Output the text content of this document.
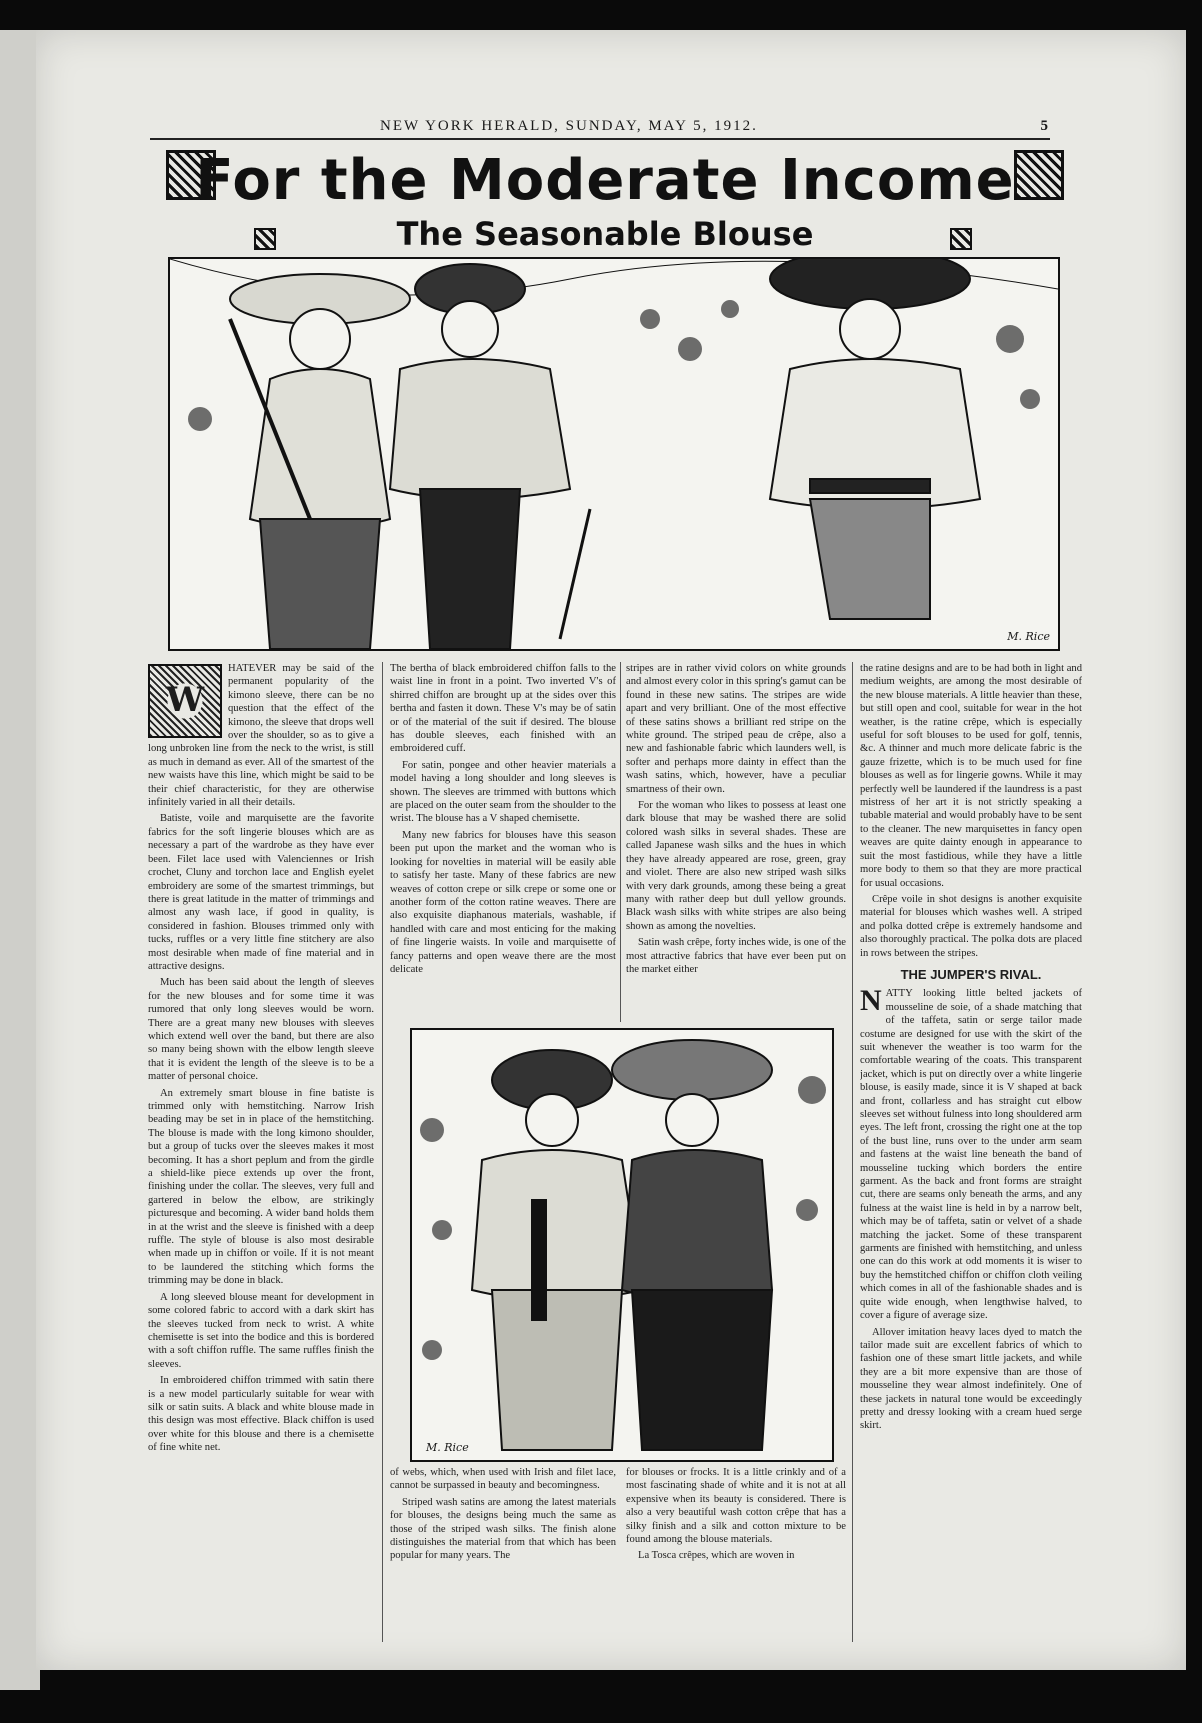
NEW YORK HERALD, SUNDAY, MAY 5, 1912.	5
For the Moderate Income
The Seasonable Blouse
M. Rice

W
HATEVER may be said of the permanent popularity of the kimono sleeve, there can be no question that the effect of the kimono, the sleeve that drops well over the shoulder, so as to give a long unbroken line from the neck to the wrist, is still as much in demand as ever. All of the smartest of the new waists have this line, which might be said to be their chief characteristic, for they are otherwise infinitely varied in all their details.

Batiste, voile and marquisette are the favorite fabrics for the soft lingerie blouses which are as necessary a part of the wardrobe as they have ever been. Filet lace used with Valenciennes or Irish crochet, Cluny and torchon lace and English eyelet embroidery are some of the smartest trimmings, but there is great latitude in the matter of trimmings and almost any wash lace, if good in quality, is considered in fashion. Blouses trimmed only with tucks, ruffles or a very little fine stitchery are also most desirable when made of fine material and in attractive designs.

Much has been said about the length of sleeves for the new blouses and for some time it was rumored that only long sleeves would be worn. There are a great many new blouses with sleeves which extend well over the band, but there are also so many being shown with the elbow length sleeve that it is evident the length of the sleeve is to be a matter of personal choice.

An extremely smart blouse in fine batiste is trimmed only with hemstitching. Narrow Irish beading may be set in in place of the hemstitching. The blouse is made with the long kimono shoulder, but a group of tucks over the sleeves makes it most becoming. It has a short peplum and from the girdle a shield-like piece extends up over the front, finishing under the collar. The sleeves, very full and gartered in below the elbow, are strikingly picturesque and becoming. A wider band holds them in at the wrist and the sleeve is finished with a deep ruffle. The style of blouse is also most desirable when made up in chiffon or voile. If it is not meant to be laundered the stitching which forms the trimming may be done in black.

A long sleeved blouse meant for development in some colored fabric to accord with a dark skirt has the sleeves tucked from neck to wrist. A white chemisette is set into the bodice and this is bordered with a soft chiffon ruffle. The same ruffles finish the sleeves.

In embroidered chiffon trimmed with satin there is a new model particularly suitable for wear with silk or satin suits. A black and white blouse made in this design was most effective. Black chiffon is used over white for this blouse and there is a chemisette of fine white net.

The bertha of black embroidered chiffon falls to the waist line in front in a point. Two inverted V's of shirred chiffon are brought up at the sides over this bertha and fasten it down. These V's may be of satin or of the material of the suit if desired. The blouse has double sleeves, each finished with an embroidered cuff.

For satin, pongee and other heavier materials a model having a long shoulder and long sleeves is shown. The sleeves are trimmed with buttons which are placed on the outer seam from the shoulder to the wrist. The blouse has a V shaped chemisette.

Many new fabrics for blouses have this season been put upon the market and the woman who is looking for novelties in material will be easily able to satisfy her taste. Many of these fabrics are new weaves of cotton crepe or silk crepe or some one or another form of the cotton ratine weaves. There are also exquisite diaphanous materials, washable, if handled with care and most enticing for the making of fine lingerie waists. In voile and marquisette of fancy patterns and open weave there are the most delicate

stripes are in rather vivid colors on white grounds and almost every color in this spring's gamut can be found in these new satins. The stripes are wide apart and very brilliant. One of the most effective of these satins shows a brilliant red stripe on the white ground. The striped peau de crêpe, also a new and fashionable fabric which launders well, is softer and perhaps more dainty in effect than the wash satins, which, however, have a peculiar smartness of their own.

For the woman who likes to possess at least one dark blouse that may be washed there are solid colored wash silks in several shades. These are called Japanese wash silks and the hues in which they have already appeared are rose, green, gray and violet. There are also new striped wash silks with very dark grounds, among these being a great many with rather deep but dull yellow grounds. Black wash silks with white stripes are also being shown as among the novelties.

Satin wash crêpe, forty inches wide, is one of the most attractive fabrics that have ever been put on the market either

M. Rice

of webs, which, when used with Irish and filet lace, cannot be surpassed in beauty and becomingness.

Striped wash satins are among the latest materials for blouses, the designs being much the same as those of the striped wash silks. The finish alone distinguishes the material from that which has been popular for many years. The

for blouses or frocks. It is a little crinkly and of a most fascinating shade of white and it is not at all expensive when its beauty is considered. There is also a very beautiful wash cotton crêpe that has a silky finish and a silk and cotton mixture to be found among the blouse materials.

La Tosca crêpes, which are woven in

the ratine designs and are to be had both in light and medium weights, are among the most desirable of the new blouse materials. A little heavier than these, but still open and cool, suitable for wear in the hot weather, is the ratine crêpe, which is especially useful for soft blouses to be used for golf, tennis, &c. A thinner and much more delicate fabric is the gauze frizette, which is to be much used for fine blouses as well as for lingerie gowns. While it may perfectly well be laundered if the laundress is a past mistress of her art it is not strictly speaking a tubable material and would probably have to be sent to the cleaner. The new marquisettes in fancy open weaves are quite dainty enough in appearance to suit the most fastidious, while they have a little more body to them so that they are more practical for usual occasions.

Crêpe voile in shot designs is another exquisite material for blouses which washes well. A striped and polka dotted crêpe is extremely handsome and also thoroughly practical. The polka dots are placed in rows between the stripes.

THE JUMPER'S RIVAL.

NATTY looking little belted jackets of mousseline de soie, of a shade matching that of the taffeta, satin or serge tailor made costume are designed for use with the skirt of the suit whenever the weather is too warm for the comfortable wearing of the coats. This transparent jacket, which is put on directly over a white lingerie blouse, is easily made, since it is V shaped at back and front, collarless and has straight cut elbow sleeves set without fulness into long shouldered arm eyes. The left front, crossing the right one at the top of the bust line, runs over to the under arm seam and fastens at the waist line beneath the band of mousseline tucking which borders the entire garment. As the back and front forms are straight cut, there are seams only beneath the arms, and any fulness at the waist line is held in by a narrow belt, which may be of taffeta, satin or velvet of a shade matching the jacket. Some of these transparent garments are finished with hemstitching, and unless one can do this work at odd moments it is wiser to buy the hemstitched chiffon or chiffon cloth veiling which comes in all of the fashionable shades and is quite wide enough, when lengthwise halved, to cover a figure of average size.

Allover imitation heavy laces dyed to match the tailor made suit are excellent fabrics of which to fashion one of these smart little jackets, and while they are a bit more expensive than are those of mousseline they wear almost indefinitely. One of these jackets in natural tone would be exceedingly pretty and dressy looking with a cream hued serge skirt.
